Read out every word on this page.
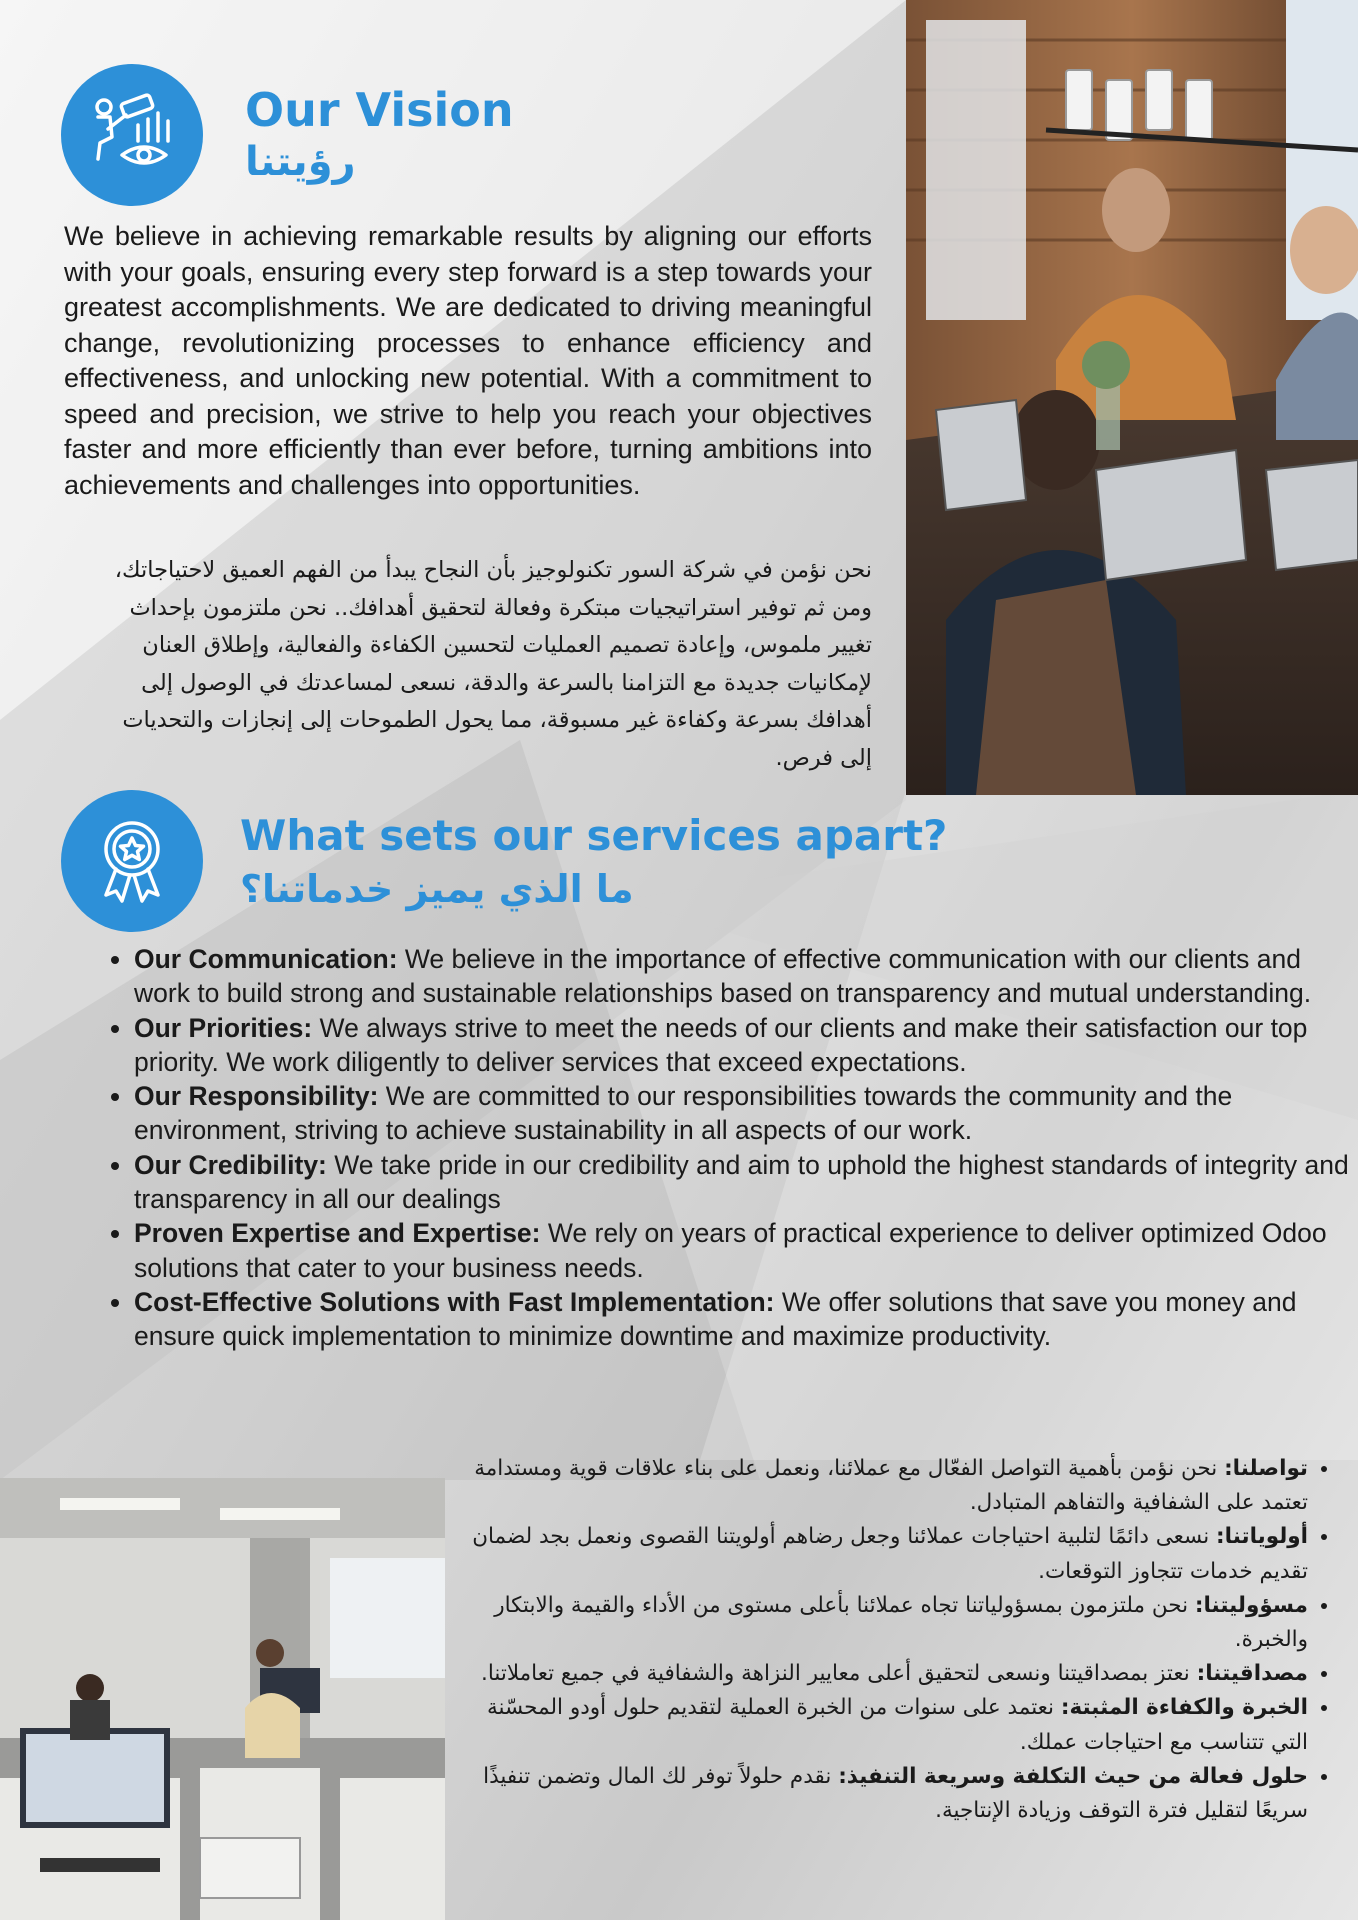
Our Vision
رؤيتنا

We believe in achieving remarkable results by aligning our efforts with your goals, ensuring every step forward is a step towards your greatest accomplishments. We are dedicated to driving meaningful change, revolutionizing processes to enhance efficiency and effectiveness, and unlocking new potential. With a commitment to speed and precision, we strive to help you reach your objectives faster and more efficiently than ever before, turning ambitions into achievements and challenges into opportunities.

نحن نؤمن في شركة السور تكنولوجيز بأن النجاح يبدأ من الفهم العميق لاحتياجاتك، ومن ثم توفير استراتيجيات مبتكرة وفعالة لتحقيق أهدافك.. نحن ملتزمون بإحداث تغيير ملموس، وإعادة تصميم العمليات لتحسين الكفاءة والفعالية، وإطلاق العنان لإمكانيات جديدة مع التزامنا بالسرعة والدقة، نسعى لمساعدتك في الوصول إلى أهدافك بسرعة وكفاءة غير مسبوقة، مما يحول الطموحات إلى إنجازات والتحديات إلى فرص.

What sets our services apart?
ما الذي يميز خدماتنا؟
• Our Communication: We believe in the importance of effective communication with our clients and work to build strong and sustainable relationships based on transparency and mutual understanding.
• Our Priorities: We always strive to meet the needs of our clients and make their satisfaction our top priority. We work diligently to deliver services that exceed expectations.
• Our Responsibility: We are committed to our responsibilities towards the community and the environment, striving to achieve sustainability in all aspects of our work.
• Our Credibility: We take pride in our credibility and aim to uphold the highest standards of integrity and transparency in all our dealings
• Proven Expertise and Expertise: We rely on years of practical experience to deliver optimized Odoo solutions that cater to your business needs.
• Cost-Effective Solutions with Fast Implementation: We offer solutions that save you money and ensure quick implementation to minimize downtime and maximize productivity.
• تواصلنا: نحن نؤمن بأهمية التواصل الفعّال مع عملائنا، ونعمل على بناء علاقات قوية ومستدامة تعتمد على الشفافية والتفاهم المتبادل.
• أولوياتنا: نسعى دائمًا لتلبية احتياجات عملائنا وجعل رضاهم أولويتنا القصوى ونعمل بجد لضمان تقديم خدمات تتجاوز التوقعات.
• مسؤوليتنا: نحن ملتزمون بمسؤولياتنا تجاه عملائنا بأعلى مستوى من الأداء والقيمة والابتكار والخبرة.
• مصداقيتنا: نعتز بمصداقيتنا ونسعى لتحقيق أعلى معايير النزاهة والشفافية في جميع تعاملاتنا.
• الخبرة والكفاءة المثبتة: نعتمد على سنوات من الخبرة العملية لتقديم حلول أودو المحسّنة التي تتناسب مع احتياجات عملك.
• حلول فعالة من حيث التكلفة وسريعة التنفيذ: نقدم حلولاً توفر لك المال وتضمن تنفيذًا سريعًا لتقليل فترة التوقف وزيادة الإنتاجية.
